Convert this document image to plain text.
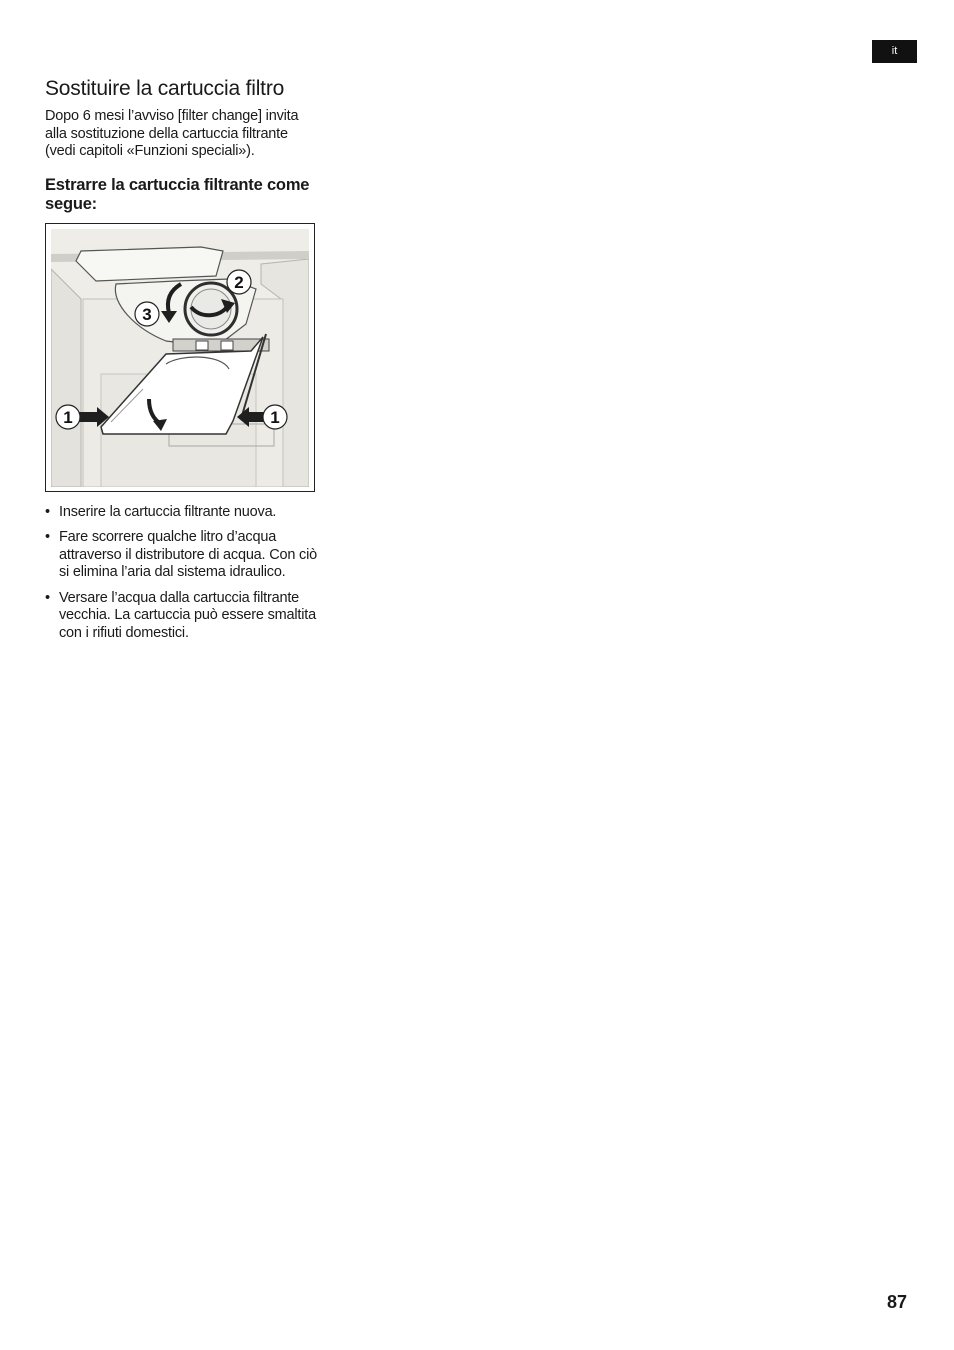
it
Sostituire la cartuccia filtro

Dopo 6 mesi l’avviso [filter change] invita alla sostituzione della cartuccia filtrante (vedi capitoli «Funzioni speciali»).

Estrarre la cartuccia filtrante come segue:
2
3
1	1
• Inserire la cartuccia filtrante nuova.
• Fare scorrere qualche litro d’acqua attraverso il distributore di acqua. Con ciò si elimina l’aria dal sistema idraulico.
• Versare l’acqua dalla cartuccia filtrante vecchia. La cartuccia può essere smaltita con i rifiuti domestici.
87
